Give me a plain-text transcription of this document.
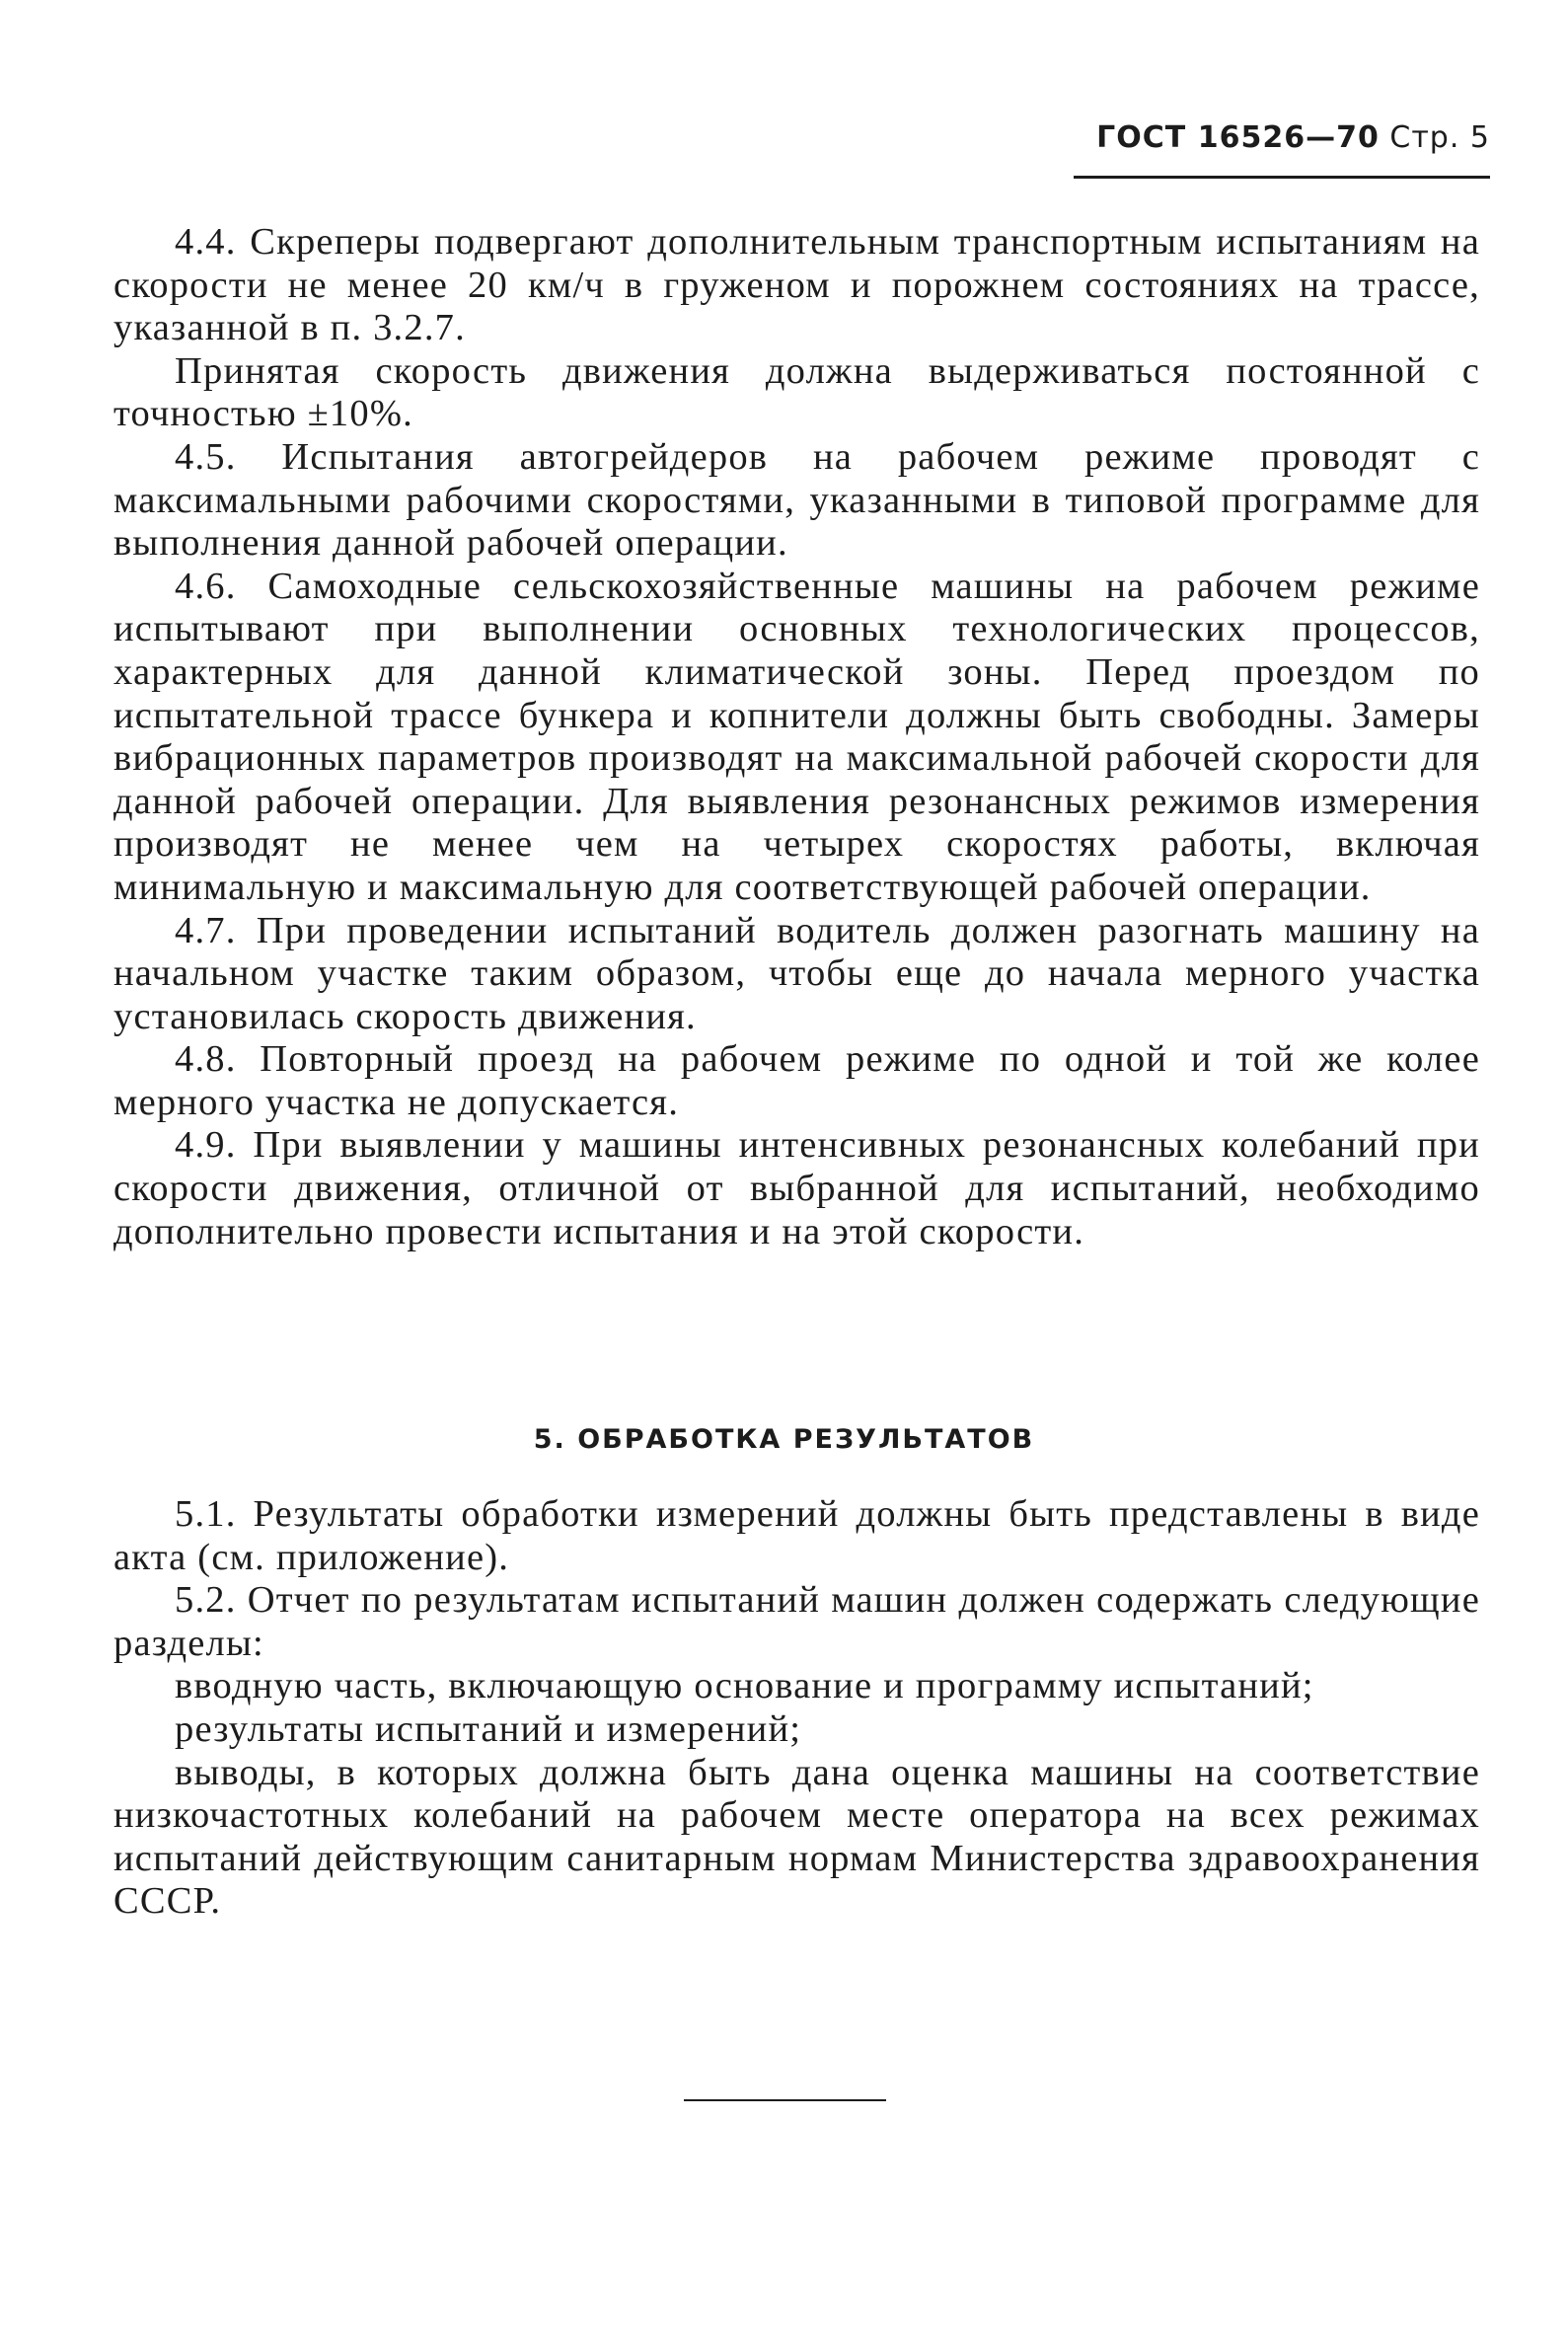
ГОСТ 16526—70 Стр. 5

4.4. Скреперы подвергают дополнительным транспортным испытаниям на скорости не менее 20 км/ч в груженом и порожнем состояниях на трассе, указанной в п. 3.2.7.

Принятая скорость движения должна выдерживаться постоянной с точностью ±10%.

4.5. Испытания автогрейдеров на рабочем режиме проводят с максимальными рабочими скоростями, указанными в типовой программе для выполнения данной рабочей операции.

4.6. Самоходные сельскохозяйственные машины на рабочем режиме испытывают при выполнении основных технологических процессов, характерных для данной климатической зоны. Перед проездом по испытательной трассе бункера и копнители должны быть свободны. Замеры вибрационных параметров производят на максимальной рабочей скорости для данной рабочей операции. Для выявления резонансных режимов измерения производят не менее чем на четырех скоростях работы, включая минимальную и максимальную для соответствующей рабочей операции.

4.7. При проведении испытаний водитель должен разогнать машину на начальном участке таким образом, чтобы еще до начала мерного участка установилась скорость движения.

4.8. Повторный проезд на рабочем режиме по одной и той же колее мерного участка не допускается.

4.9. При выявлении у машины интенсивных резонансных колебаний при скорости движения, отличной от выбранной для испытаний, необходимо дополнительно провести испытания и на этой скорости.

5. ОБРАБОТКА РЕЗУЛЬТАТОВ

5.1. Результаты обработки измерений должны быть представлены в виде акта (см. приложение).

5.2. Отчет по результатам испытаний машин должен содержать следующие разделы:

вводную часть, включающую основание и программу испытаний;

результаты испытаний и измерений;

выводы, в которых должна быть дана оценка машины на соответствие низкочастотных колебаний на рабочем месте оператора на всех режимах испытаний действующим санитарным нормам Министерства здравоохранения СССР.
